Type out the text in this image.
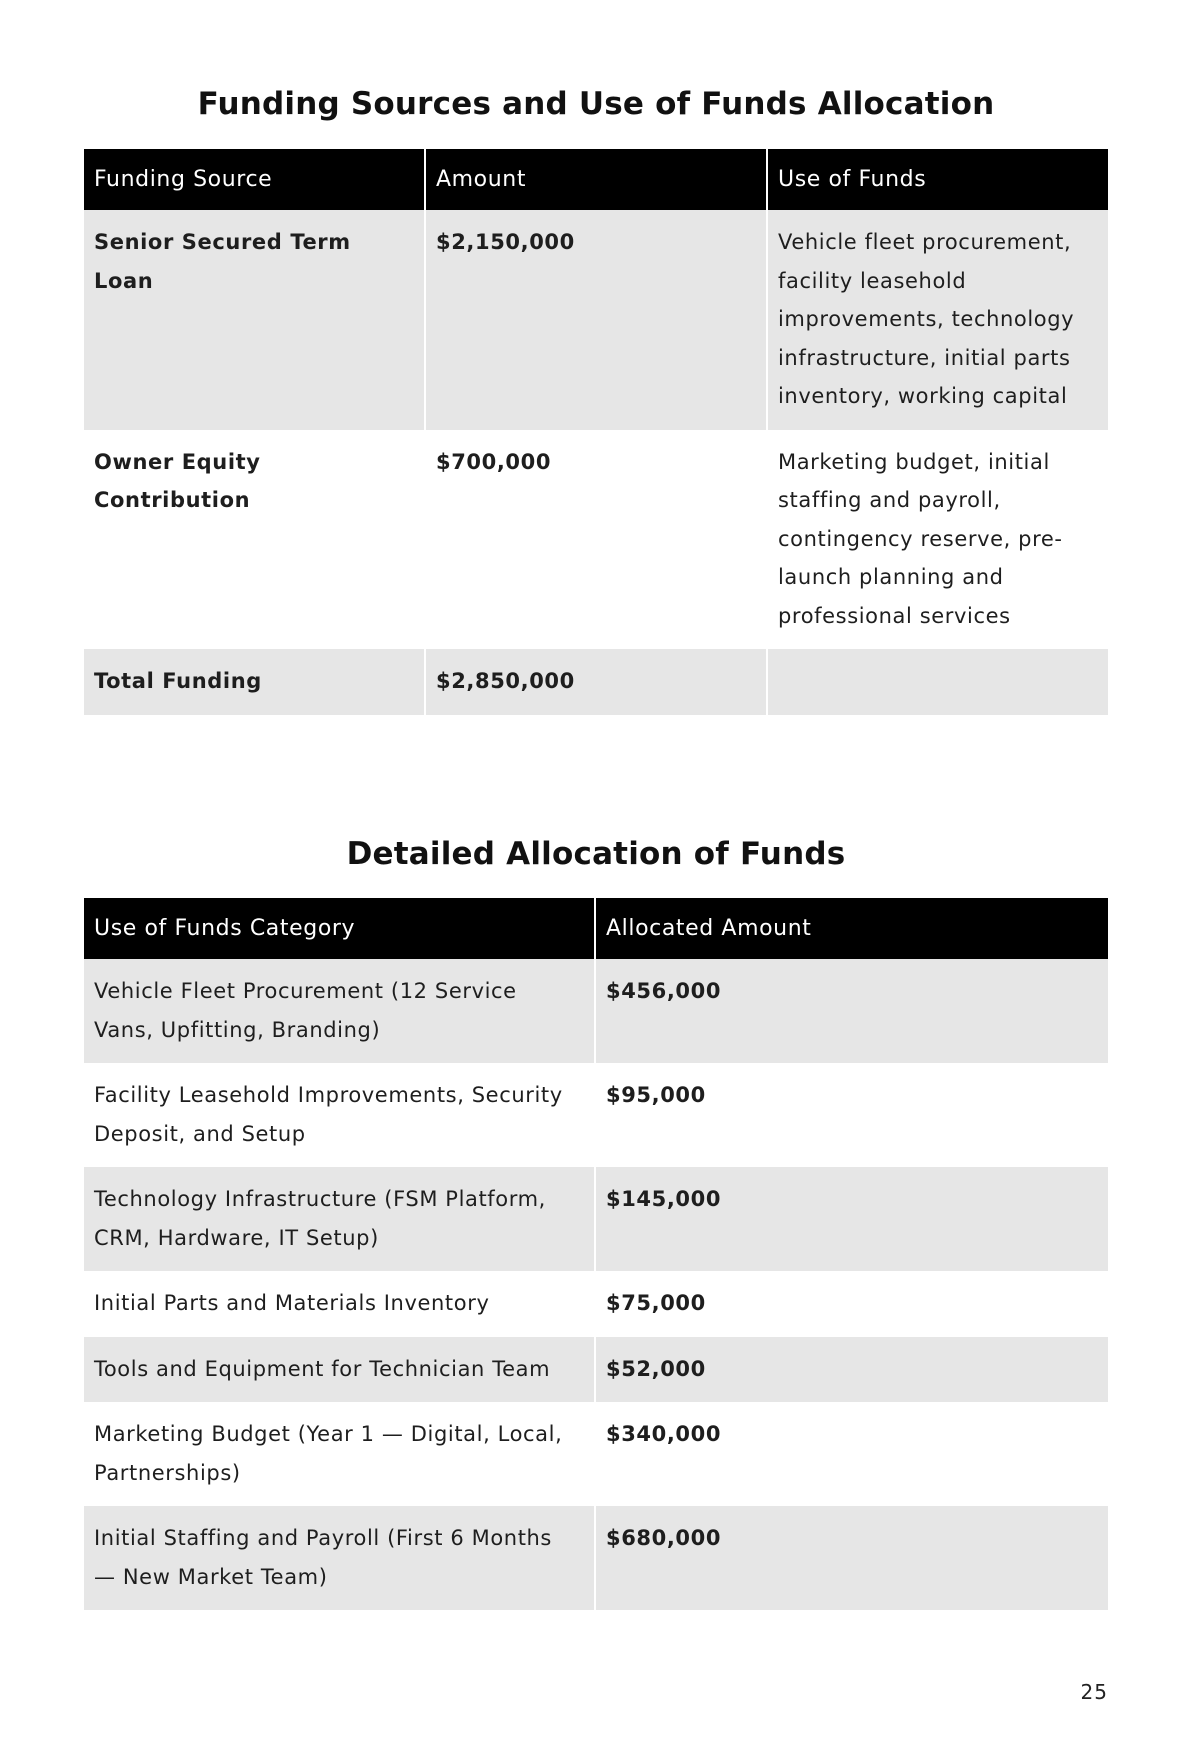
Funding Sources and Use of Funds Allocation
Funding Source	Amount	Use of Funds
Senior Secured Term Loan	$2,150,000	Vehicle fleet procurement,
facility leasehold
improvements, technology
infrastructure, initial parts
inventory, working capital

Owner Equity Contribution	$700,000	Marketing budget, initial
staffing and payroll,
contingency reserve, pre-
launch planning and
professional services

Total Funding	$2,850,000	
Detailed Allocation of Funds
Use of Funds Category	Allocated Amount

Vehicle Fleet Procurement (12 Service
Vans, Upfitting, Branding)	$456,000

Facility Leasehold Improvements, Security
Deposit, and Setup	$95,000

Technology Infrastructure (FSM Platform,
CRM, Hardware, IT Setup)	$145,000

Initial Parts and Materials Inventory	$75,000

Tools and Equipment for Technician Team	$52,000

Marketing Budget (Year 1 — Digital, Local,
Partnerships)	$340,000

Initial Staffing and Payroll (First 6 Months
— New Market Team)	$680,000
25
